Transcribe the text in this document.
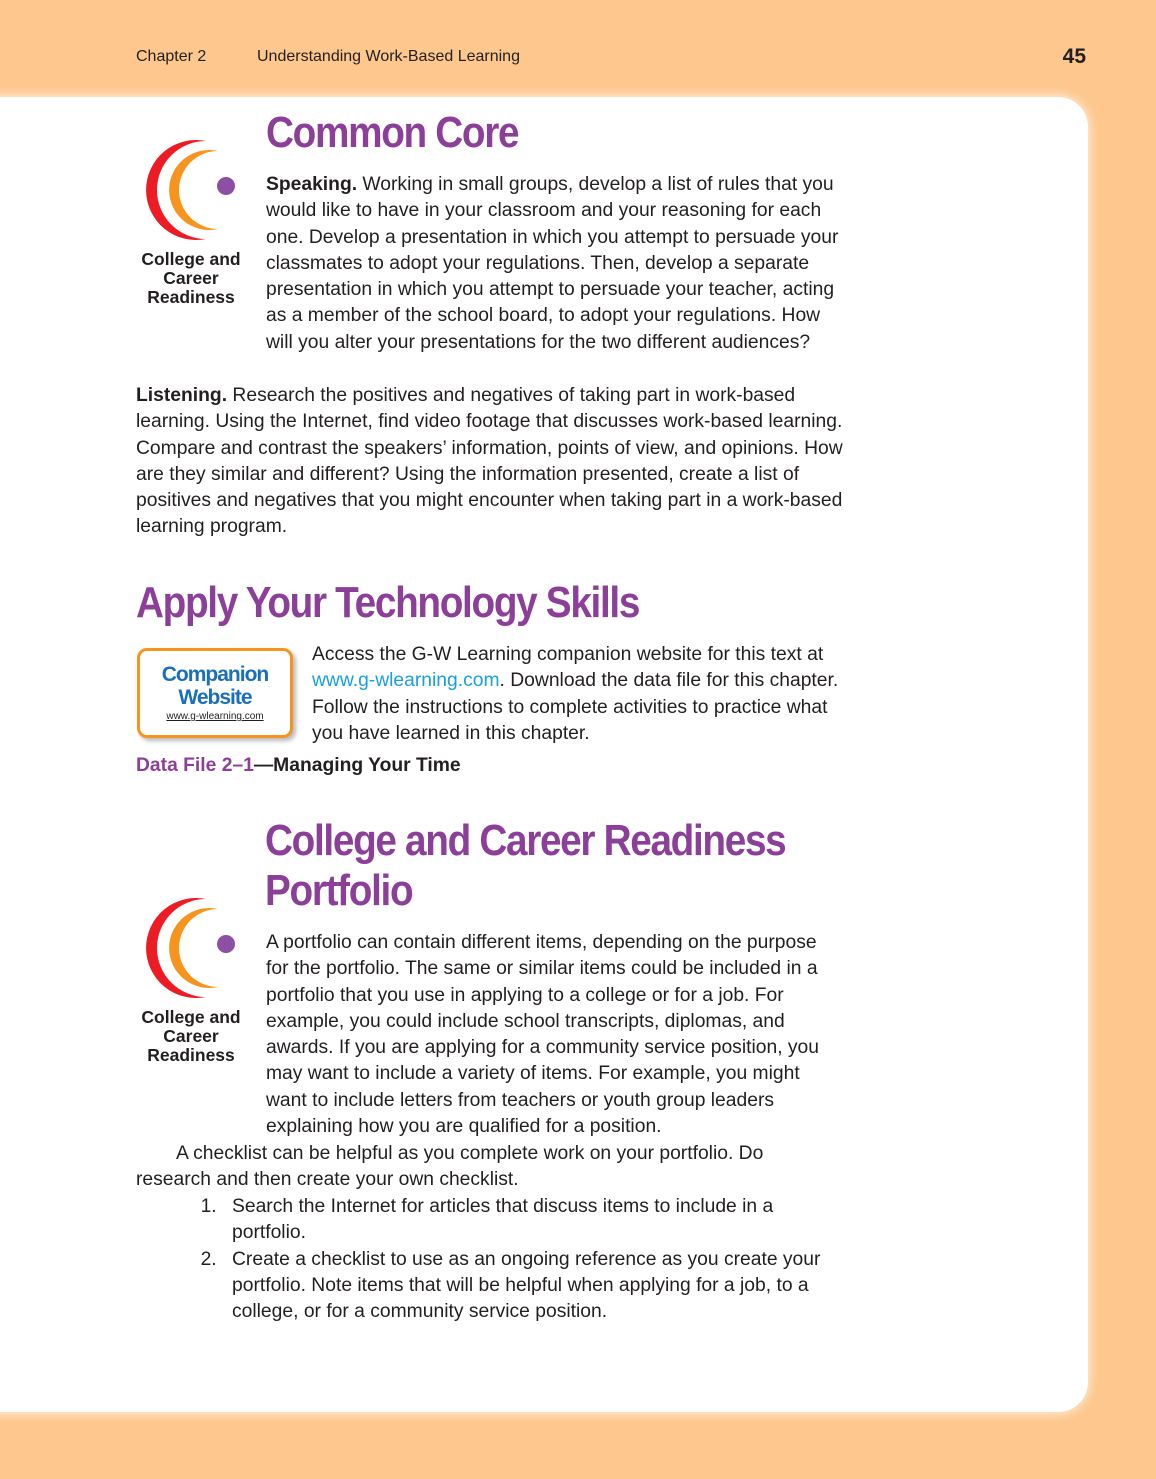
Chapter 2	Understanding Work-Based Learning	45
College and Career Readiness
Common Core
Speaking. Working in small groups, develop a list of rules that you would like to have in your classroom and your reasoning for each one. Develop a presentation in which you attempt to persuade your classmates to adopt your regulations. Then, develop a separate presentation in which you attempt to persuade your teacher, acting as a member of the school board, to adopt your regulations. How will you alter your presentations for the two different audiences?
Listening. Research the positives and negatives of taking part in work-based learning. Using the Internet, find video footage that discusses work-based learning. Compare and contrast the speakers’ information, points of view, and opinions. How are they similar and different? Using the information presented, create a list of positives and negatives that you might encounter when taking part in a work-based learning program.
Apply Your Technology Skills
Companion
Website
www.g-wlearning.com
Access the G-W Learning companion website for this text at www.g-wlearning.com. Download the data file for this chapter. Follow the instructions to complete activities to practice what you have learned in this chapter.
Data File 2–1—Managing Your Time
College and Career Readiness
College and Career Readiness
Portfolio
A portfolio can contain different items, depending on the purpose for the portfolio. The same or similar items could be included in a portfolio that you use in applying to a college or for a job. For example, you could include school transcripts, diplomas, and awards. If you are applying for a community service position, you may want to include a variety of items. For example, you might want to include letters from teachers or youth group leaders explaining how you are qualified for a position.
A checklist can be helpful as you complete work on your portfolio. Do research and then create your own checklist.
1. Search the Internet for articles that discuss items to include in a portfolio.
2. Create a checklist to use as an ongoing reference as you create your portfolio. Note items that will be helpful when applying for a job, to a college, or for a community service position.
